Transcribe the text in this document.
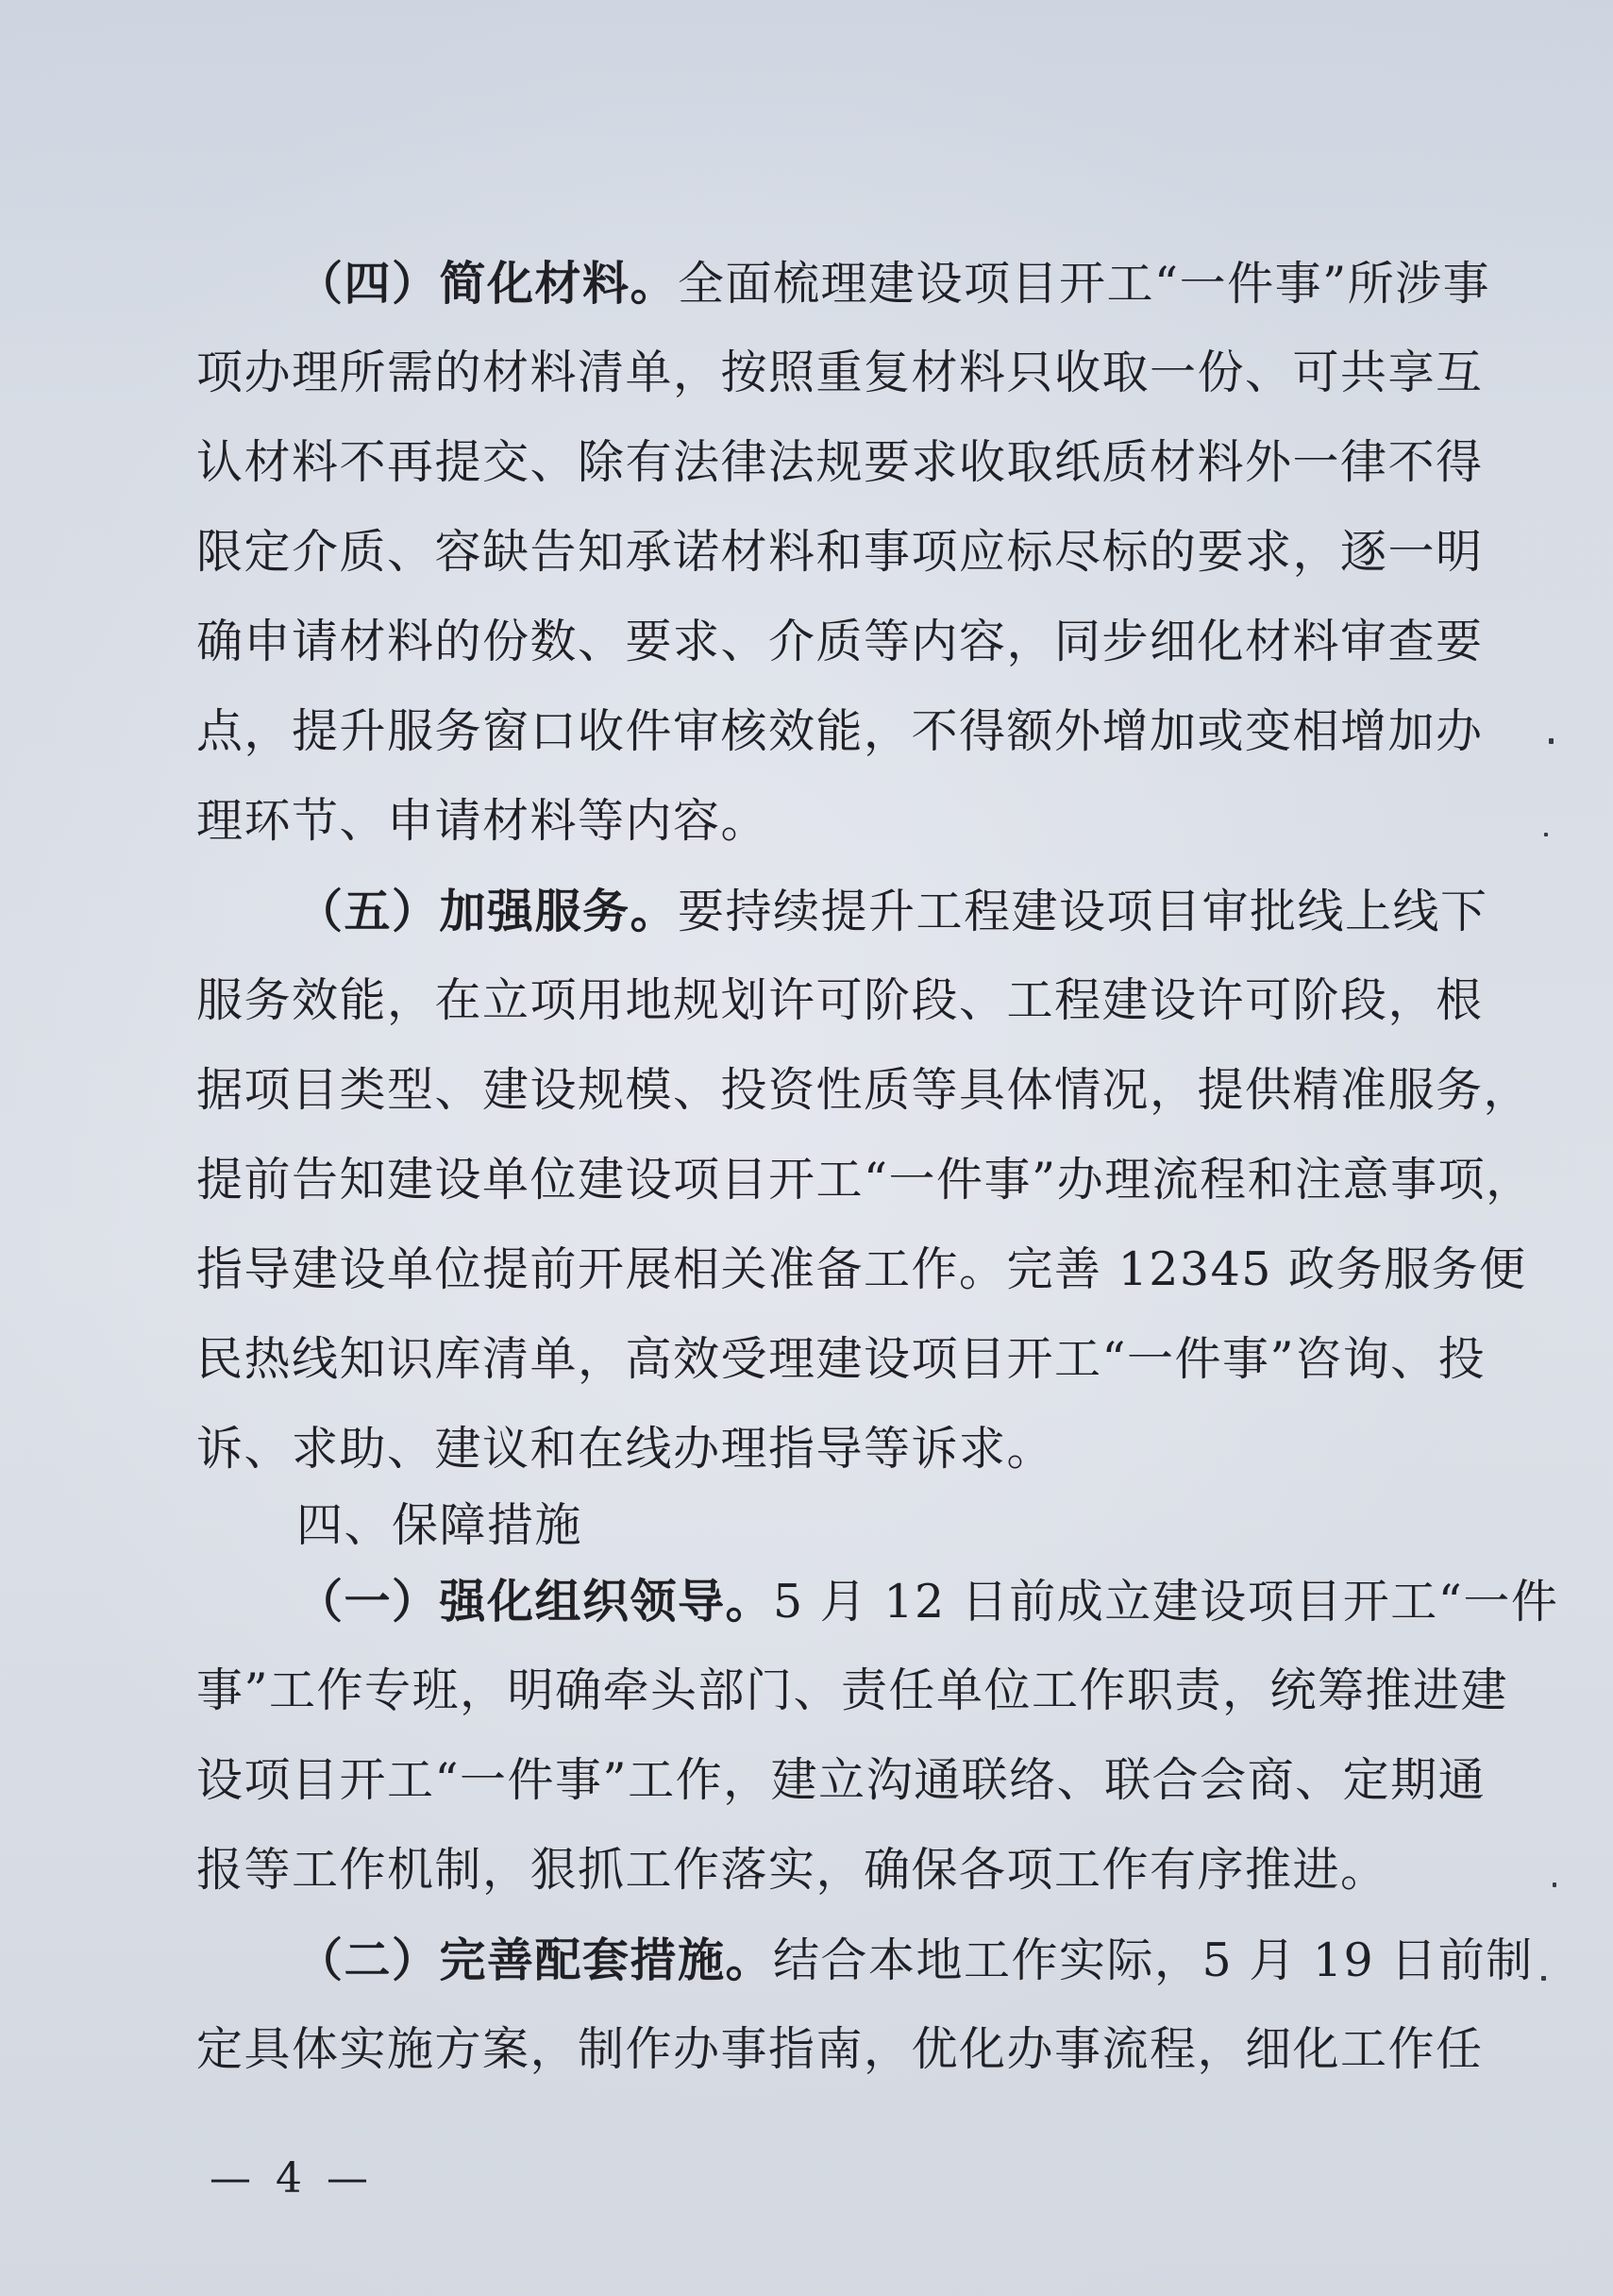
（四）简化材料。全面梳理建设项目开工“一件事”所涉事
项办理所需的材料清单，按照重复材料只收取一份、可共享互
认材料不再提交、除有法律法规要求收取纸质材料外一律不得
限定介质、容缺告知承诺材料和事项应标尽标的要求，逐一明
确申请材料的份数、要求、介质等内容，同步细化材料审查要
点，提升服务窗口收件审核效能，不得额外增加或变相增加办
理环节、申请材料等内容。
（五）加强服务。要持续提升工程建设项目审批线上线下
服务效能，在立项用地规划许可阶段、工程建设许可阶段，根
据项目类型、建设规模、投资性质等具体情况，提供精准服务，
提前告知建设单位建设项目开工“一件事”办理流程和注意事项，
指导建设单位提前开展相关准备工作。完善 12345 政务服务便
民热线知识库清单，高效受理建设项目开工“一件事”咨询、投
诉、求助、建议和在线办理指导等诉求。
四、保障措施
（一）强化组织领导。5 月 12 日前成立建设项目开工“一件
事”工作专班，明确牵头部门、责任单位工作职责，统筹推进建
设项目开工“一件事”工作，建立沟通联络、联合会商、定期通
报等工作机制，狠抓工作落实，确保各项工作有序推进。
（二）完善配套措施。结合本地工作实际，5 月 19 日前制
定具体实施方案，制作办事指南，优化办事流程，细化工作任
— 4 —
